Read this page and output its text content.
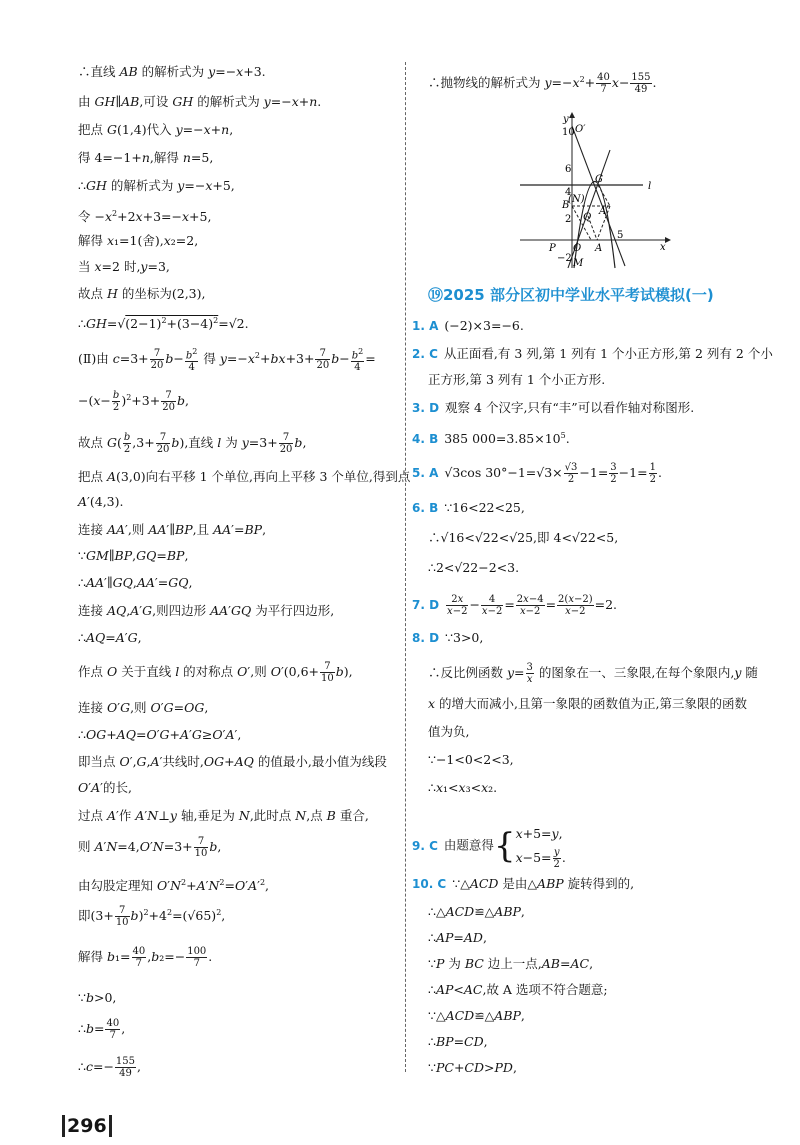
∴直线 AB 的解析式为 y=−x+3.
由 GH∥AB,可设 GH 的解析式为 y=−x+n.
把点 G(1,4)代入 y=−x+n,
得 4=−1+n,解得 n=5,
∴GH 的解析式为 y=−x+5,
令 $-x^2+2x+3=-x+5$,
解得 x₁=1(舍),x₂=2,
当 x=2 时,y=3,
故点 H 的坐标为(2,3),
$\therefore GH=√(2-1)^2+(3-4)^2=√2$.
(Ⅱ)由 $c=3+ \frac{7}{20} b- \frac{b^2}{4}$ 得 $y=-x^2+bx+3+ \frac{7}{20} b- \frac{b^2}{4}$ =
$-(x- \frac{b}{2} )^2+3+ \frac{7}{20} b$,
故点 $G( \frac{b}{2} ,3+ \frac{7}{20} b)$,直线 l 为 $y=3+ \frac{7}{20} b$,
把点 A(3,0)向右平移 1 个单位,再向上平移 3 个单位,得到点
A′(4,3).
连接 AA′,则 AA′∥BP,且 AA′=BP,
∵GM∥BP,GQ=BP,
∴AA′∥GQ,AA′=GQ,
连接 AQ,A′G,则四边形 AA′GQ 为平行四边形,
∴AQ=A′G,
作点 O 关于直线 l 的对称点 O′,则 $O'(0,6+ \frac{7}{10} b)$,
连接 O′G,则 O′G=OG,
∴OG+AQ=O′G+A′G≥O′A′,
即当点 O′,G,A′共线时,OG+AQ 的值最小,最小值为线段
O′A′的长,
过点 A′作 A′N⊥y 轴,垂足为 N,此时点 N,点 B 重合,
则 $A'N=4,O'N=3+ \frac{7}{10} b$,
由勾股定理知 $O'N^2+A'N^2=O'A'^2$,
即$(3+ \frac{7}{10} b)^2+4^2=(√65)^2$,
解得 $b_1= \frac{40}{7} ,b_2=- \frac{100}{7}$ .
∵b>0,
∴b= $\frac{40}{7}$ ,
∴c=− $\frac{155}{49}$ ,
∴抛物线的解析式为 $y=-x^2+ \frac{40}{7} x- \frac{155}{49}$ .
1. A (−2)×3=−6.
2. C 从正面看,有 3 列,第 1 列有 1 个小正方形,第 2 列有 2 个小
正方形,第 3 列有 1 个小正方形.
3. D 观察 4 个汉字,只有“丰”可以看作轴对称图形.
4. B 385 $000=3.85\times 10^5$.
5. A √3cos $30^\circ-1=√3\times \frac{√3}{2} -1= \frac{3}{2} -1= \frac{1}{2}$ .
6. B ∵16<22<25,
∴√16<√22<√25,即 4<√22<5,
∴2<√22−2<3.
7. D $\frac{2x}{x-2} - \frac{4}{x-2} = \frac{2x-4}{x-2} = \frac{2(x-2)}{x-2} =2$.
8. D ∵3>0,
∴反比例函数 $y= \frac{3}{x}$ 的图象在一、三象限,在每个象限内,y 随
x 的增大而减小,且第一象限的函数值为正,第三象限的函数
值为负,
∵−1<0<2<3,
∴x₁<x₃<x₂.
9. C 由题意得{x+5=y,
$x-5= \frac{y}{2}$ .
10. C ∵△ACD 是由△ABP 旋转得到的,
∴△ACD≌△ABP,
∴AP=AD,
∵P 为 BC 边上一点,AB=AC,
∴AP<AC,故 A 选项不符合题意;
∵△ACD≌△ABP,
∴BP=CD,
∵PC+CD>PD,
⑲2025 部分区初中学业水平考试模拟(一)
10
6
4
2
−2
5
O′
y
x
l
G
(N)
B
Q
A′
P O A
M
296
